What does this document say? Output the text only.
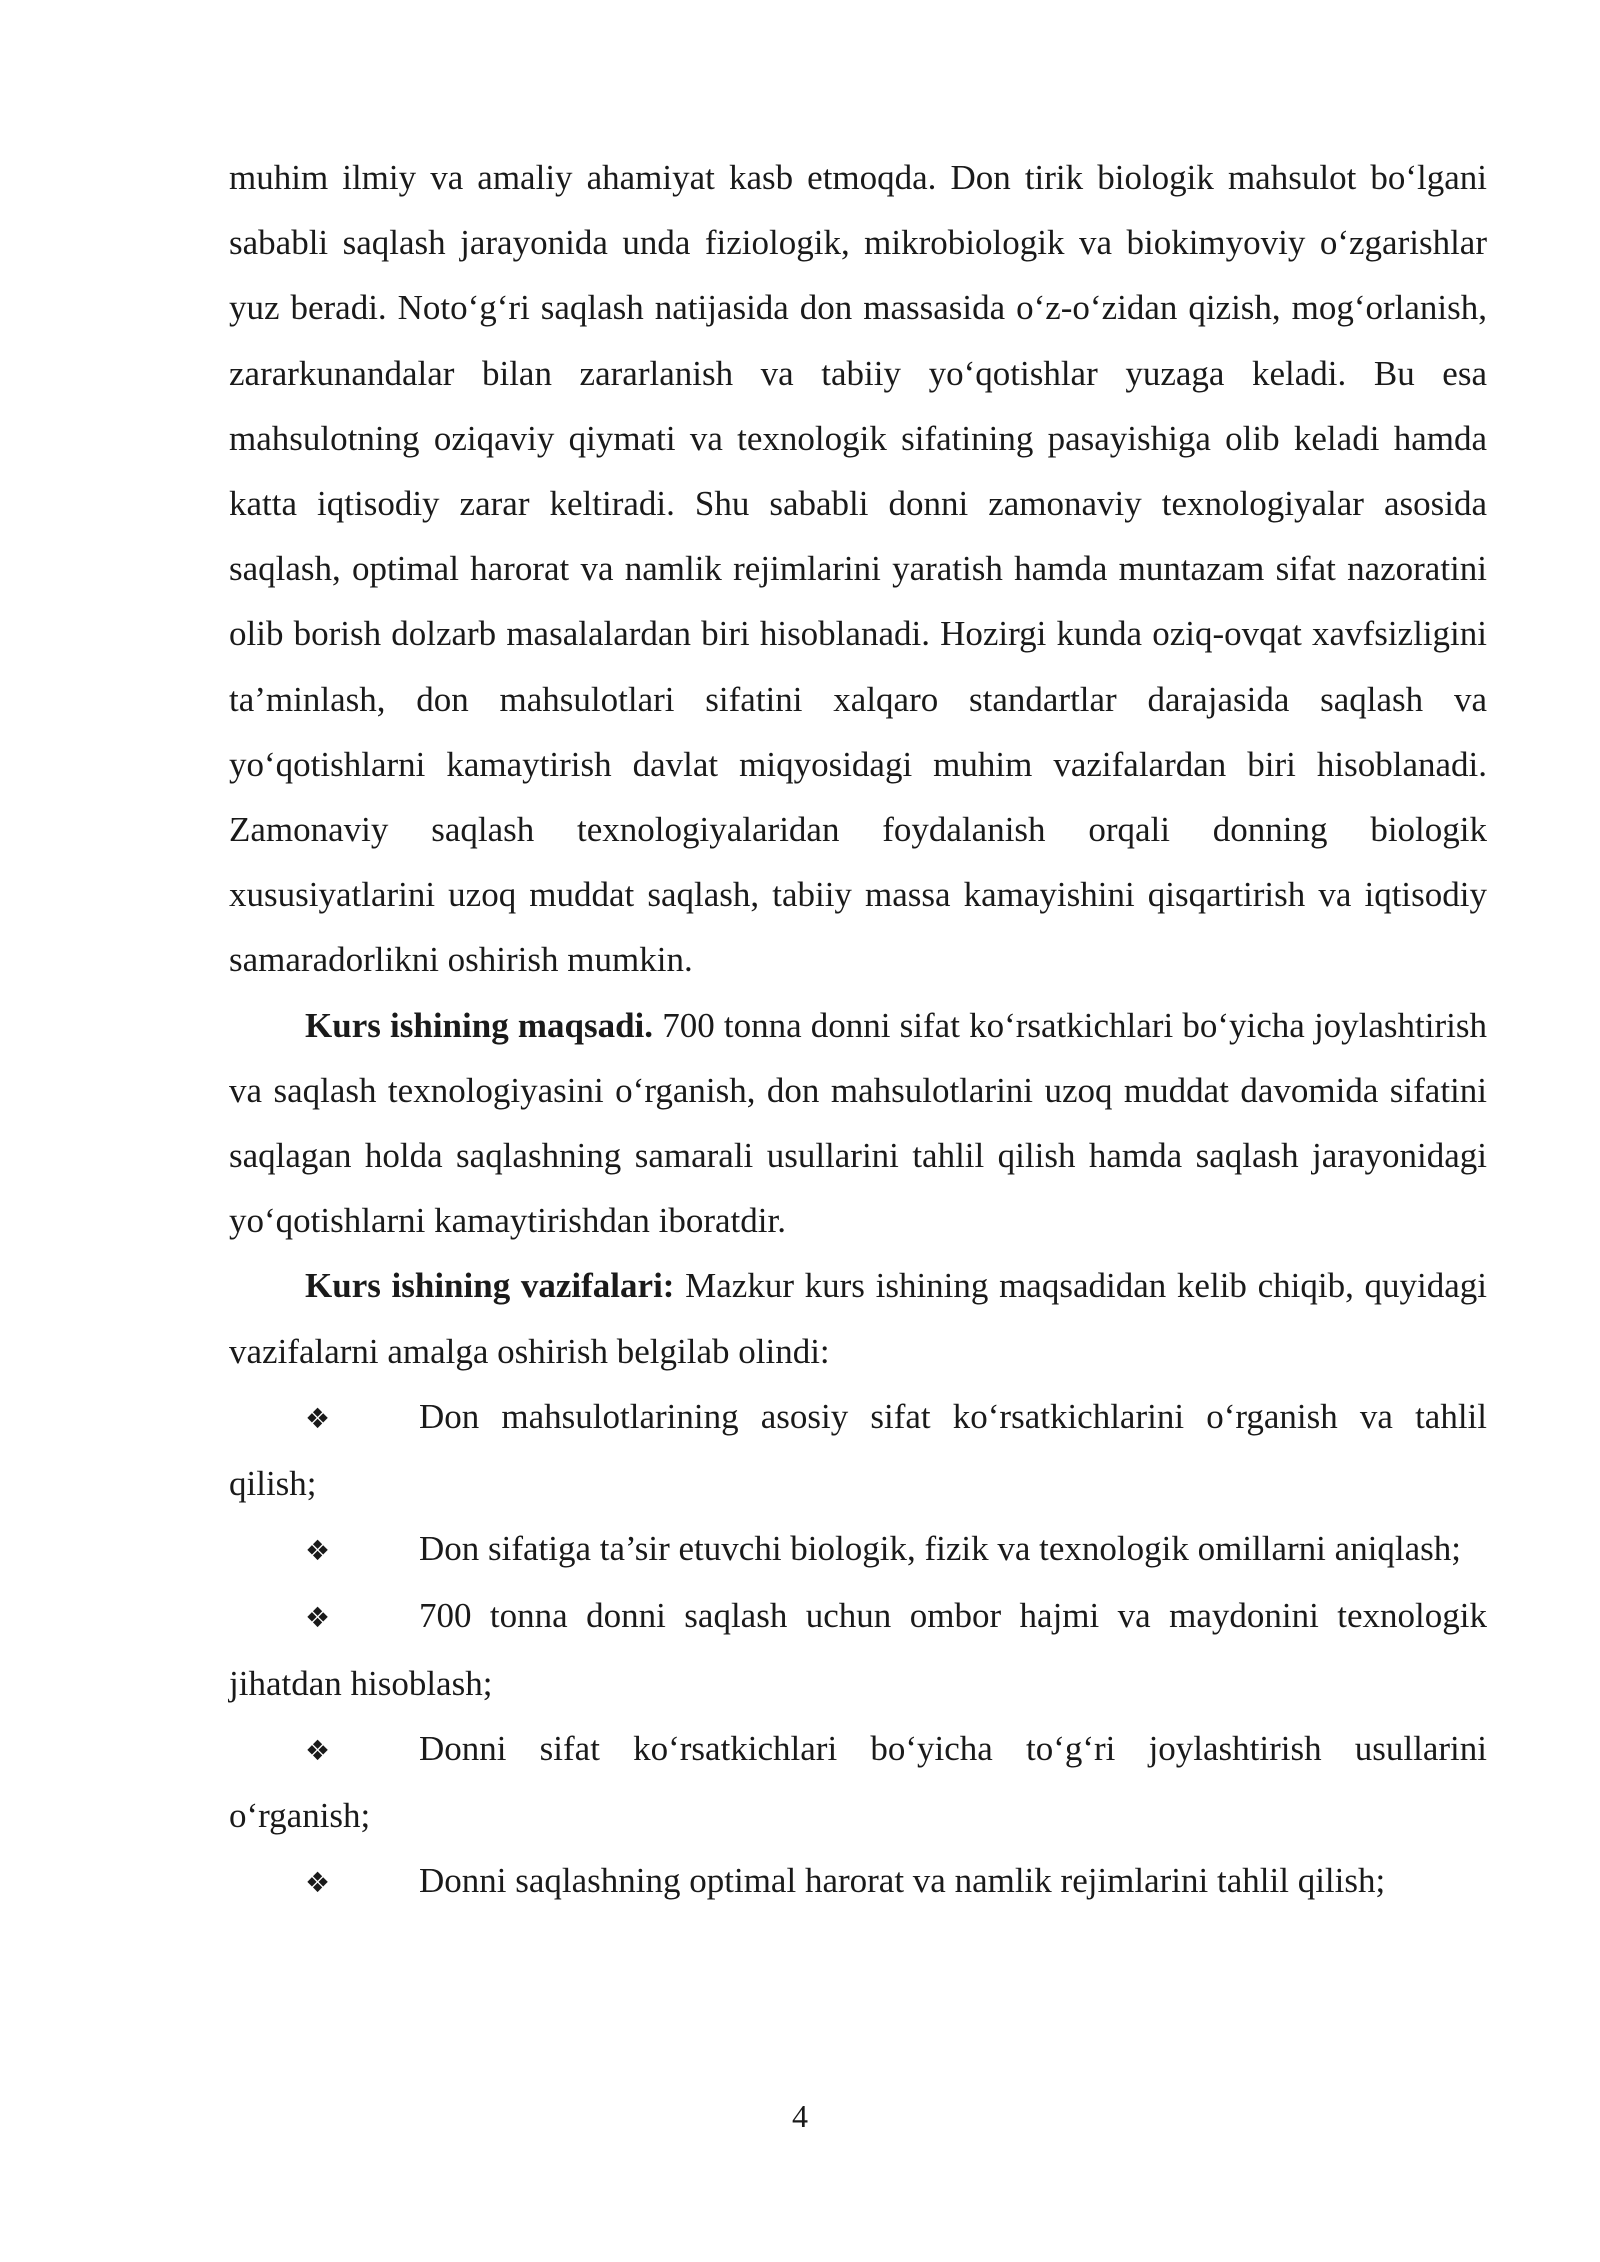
muhim ilmiy va amaliy ahamiyat kasb etmoqda. Don tirik biologik mahsulot bo‘lgani sababli saqlash jarayonida unda fiziologik, mikrobiologik va biokimyoviy o‘zgarishlar yuz beradi. Noto‘g‘ri saqlash natijasida don massasida o‘z-o‘zidan qizish, mog‘orlanish, zararkunandalar bilan zararlanish va tabiiy yo‘qotishlar yuzaga keladi. Bu esa mahsulotning oziqaviy qiymati va texnologik sifatining pasayishiga olib keladi hamda katta iqtisodiy zarar keltiradi. Shu sababli donni zamonaviy texnologiyalar asosida saqlash, optimal harorat va namlik rejimlarini yaratish hamda muntazam sifat nazoratini olib borish dolzarb masalalardan biri hisoblanadi. Hozirgi kunda oziq-ovqat xavfsizligini ta’minlash, don mahsulotlari sifatini xalqaro standartlar darajasida saqlash va yo‘qotishlarni kamaytirish davlat miqyosidagi muhim vazifalardan biri hisoblanadi. Zamonaviy saqlash texnologiyalaridan foydalanish orqali donning biologik xususiyatlarini uzoq muddat saqlash, tabiiy massa kamayishini qisqartirish va iqtisodiy samaradorlikni oshirish mumkin.

Kurs ishining maqsadi. 700 tonna donni sifat ko‘rsatkichlari bo‘yicha joylashtirish va saqlash texnologiyasini o‘rganish, don mahsulotlarini uzoq muddat davomida sifatini saqlagan holda saqlashning samarali usullarini tahlil qilish hamda saqlash jarayonidagi yo‘qotishlarni kamaytirishdan iboratdir.

Kurs ishining vazifalari: Mazkur kurs ishining maqsadidan kelib chiqib, quyidagi vazifalarni amalga oshirish belgilab olindi:

❖	Don mahsulotlarining asosiy sifat ko‘rsatkichlarini o‘rganish va tahlil qilish;

❖	Don sifatiga ta’sir etuvchi biologik, fizik va texnologik omillarni aniqlash;

❖	700 tonna donni saqlash uchun ombor hajmi va maydonini texnologik jihatdan hisoblash;

❖	Donni sifat ko‘rsatkichlari bo‘yicha to‘g‘ri joylashtirish usullarini o‘rganish;

❖	Donni saqlashning optimal harorat va namlik rejimlarini tahlil qilish;

4
